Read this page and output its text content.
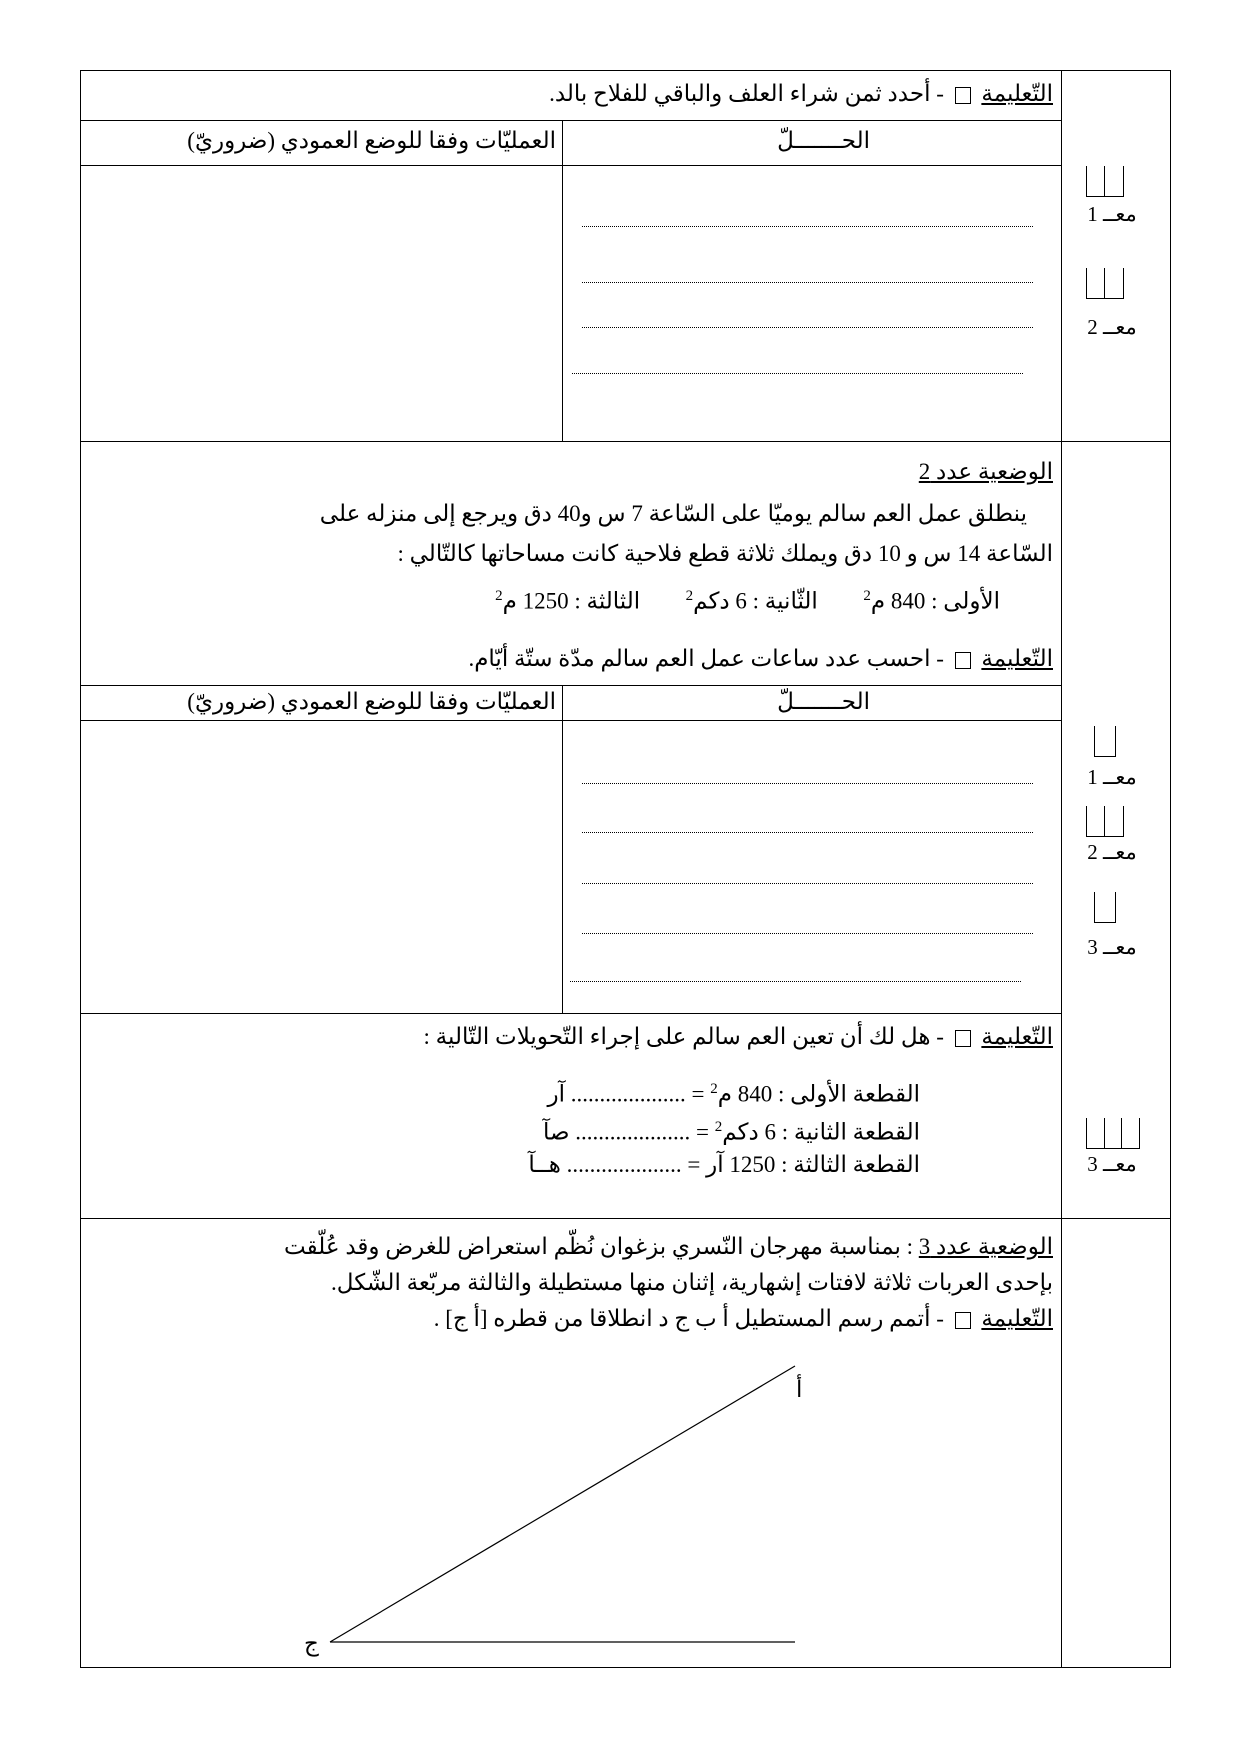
التّعليمة  - أحدد ثمن شراء العلف والباقي للفلاح بالد.
العمليّات وفقا للوضع العمودي (ضروريّ)	الحـــــــلّ
معــ 1
معــ 2
الوضعية عدد 2
ينطلق عمل العم سالم يوميّا على السّاعة 7 س و40 دق ويرجع إلى منزله على
السّاعة 14 س و 10 دق ويملك ثلاثة قطع فلاحية كانت مساحاتها كالتّالي :
الأولى : 840 م$^2$  الثّانية : 6 دكم$^2$  الثالثة : 1250 م$^2$
التّعليمة  - احسب عدد ساعات عمل العم سالم مدّة ستّة أيّام.
العمليّات وفقا للوضع العمودي (ضروريّ)	الحـــــــلّ
معــ 1
معــ 2
معــ 3
التّعليمة  - هل لك أن تعين العم سالم على إجراء التّحويلات التّالية :
القطعة الأولى : 840 م$^2$ = .................... آر
القطعة الثانية : 6 دكم$^2$ = .................... صآ
القطعة الثالثة : 1250 آر = .................... هــآ	معــ 3
الوضعية عدد 3 : بمناسبة مهرجان النّسري بزغوان نُظّم استعراض للغرض وقد عُلّقت
بإحدى العربات ثلاثة لافتات إشهارية، إثنان منها مستطيلة والثالثة مربّعة الشّكل.
التّعليمة  - أتمم رسم المستطيل أ ب ج د انطلاقا من قطره [أ ج] .
أ
ج
